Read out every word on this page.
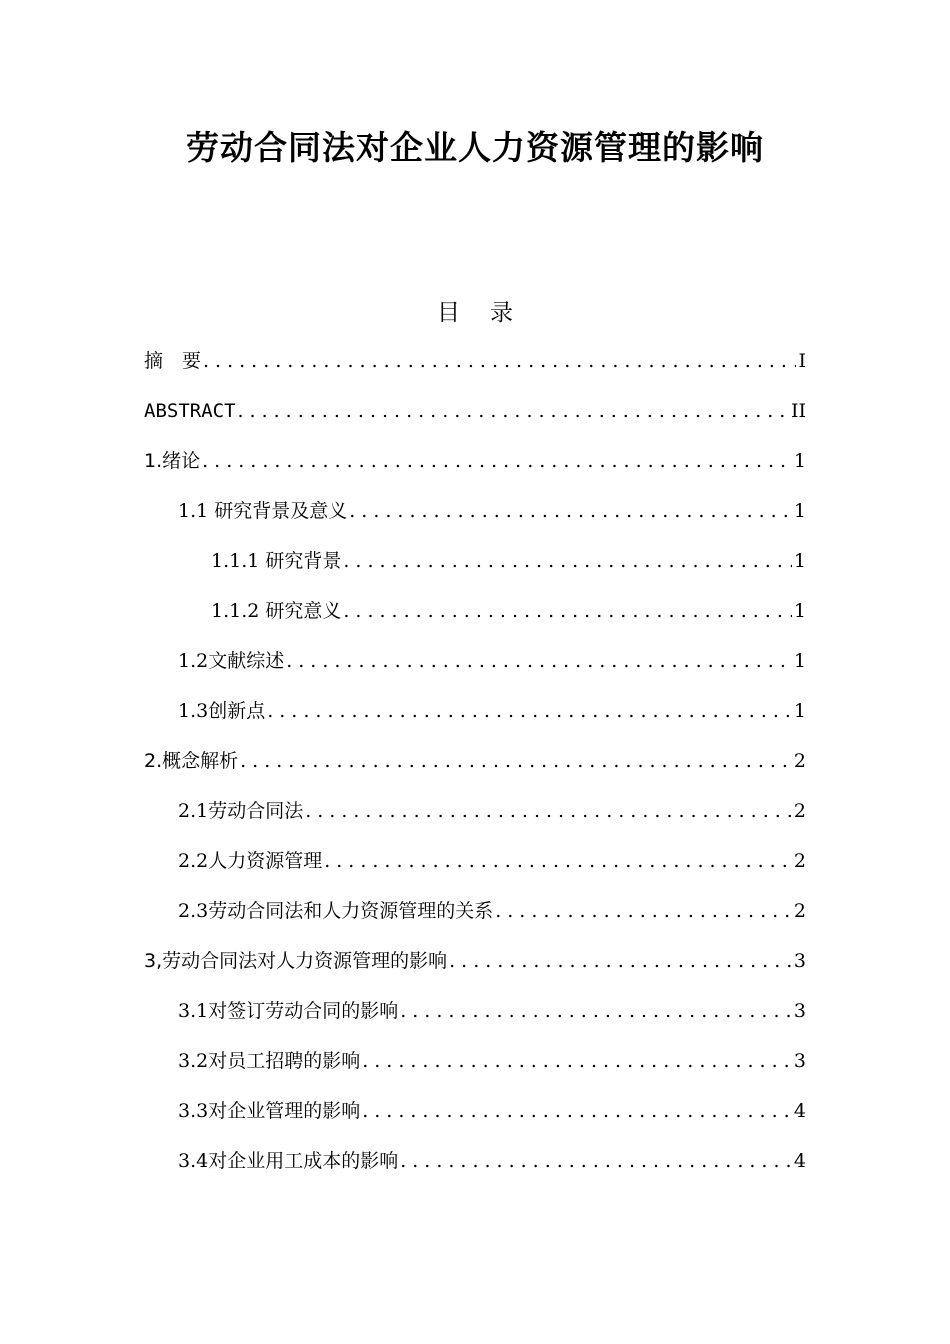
劳动合同法对企业人力资源管理的影响
目录
摘　要 .....	Ⅰ
ABSTRACT .....	II
1.绪论 .....	1
1.1 研究背景及意义 .....	1
1.1.1 研究背景 .....	1
1.1.2 研究意义 .....	1
1.2文献综述 .....	1
1.3创新点 .....	1
2.概念解析 .....	2
2.1劳动合同法 .....	2
2.2人力资源管理 .....	2
2.3劳动合同法和人力资源管理的关系 .....	2
3,劳动合同法对人力资源管理的影响 .....	3
3.1对签订劳动合同的影响 .....	3
3.2对员工招聘的影响 .....	3
3.3对企业管理的影响 .....	4
3.4对企业用工成本的影响 .....	4
